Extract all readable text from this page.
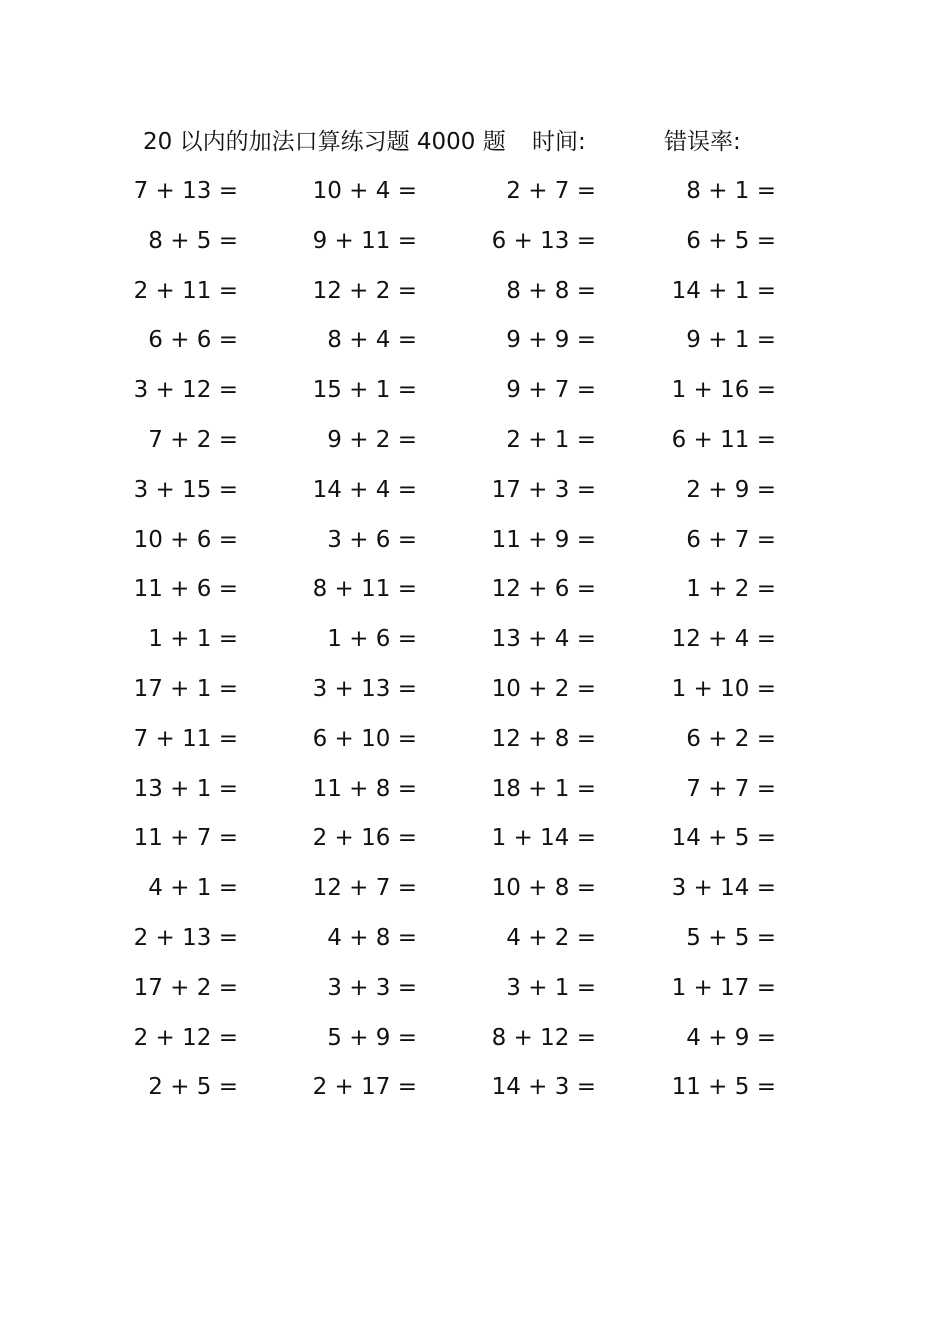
20 以内的加法口算练习题 4000 题 时间:	错误率:
7 + 13 =	10 + 4 =	2 + 7 =	8 + 1 =
8 + 5 =	9 + 11 =	6 + 13 =	6 + 5 =
2 + 11 =	12 + 2 =	8 + 8 =	14 + 1 =
6 + 6 =	8 + 4 =	9 + 9 =	9 + 1 =
3 + 12 =	15 + 1 =	9 + 7 =	1 + 16 =
7 + 2 =	9 + 2 =	2 + 1 =	6 + 11 =
3 + 15 =	14 + 4 =	17 + 3 =	2 + 9 =
10 + 6 =	3 + 6 =	11 + 9 =	6 + 7 =
11 + 6 =	8 + 11 =	12 + 6 =	1 + 2 =
1 + 1 =	1 + 6 =	13 + 4 =	12 + 4 =
17 + 1 =	3 + 13 =	10 + 2 =	1 + 10 =
7 + 11 =	6 + 10 =	12 + 8 =	6 + 2 =
13 + 1 =	11 + 8 =	18 + 1 =	7 + 7 =
11 + 7 =	2 + 16 =	1 + 14 =	14 + 5 =
4 + 1 =	12 + 7 =	10 + 8 =	3 + 14 =
2 + 13 =	4 + 8 =	4 + 2 =	5 + 5 =
17 + 2 =	3 + 3 =	3 + 1 =	1 + 17 =
2 + 12 =	5 + 9 =	8 + 12 =	4 + 9 =
2 + 5 =	2 + 17 =	14 + 3 =	11 + 5 =
